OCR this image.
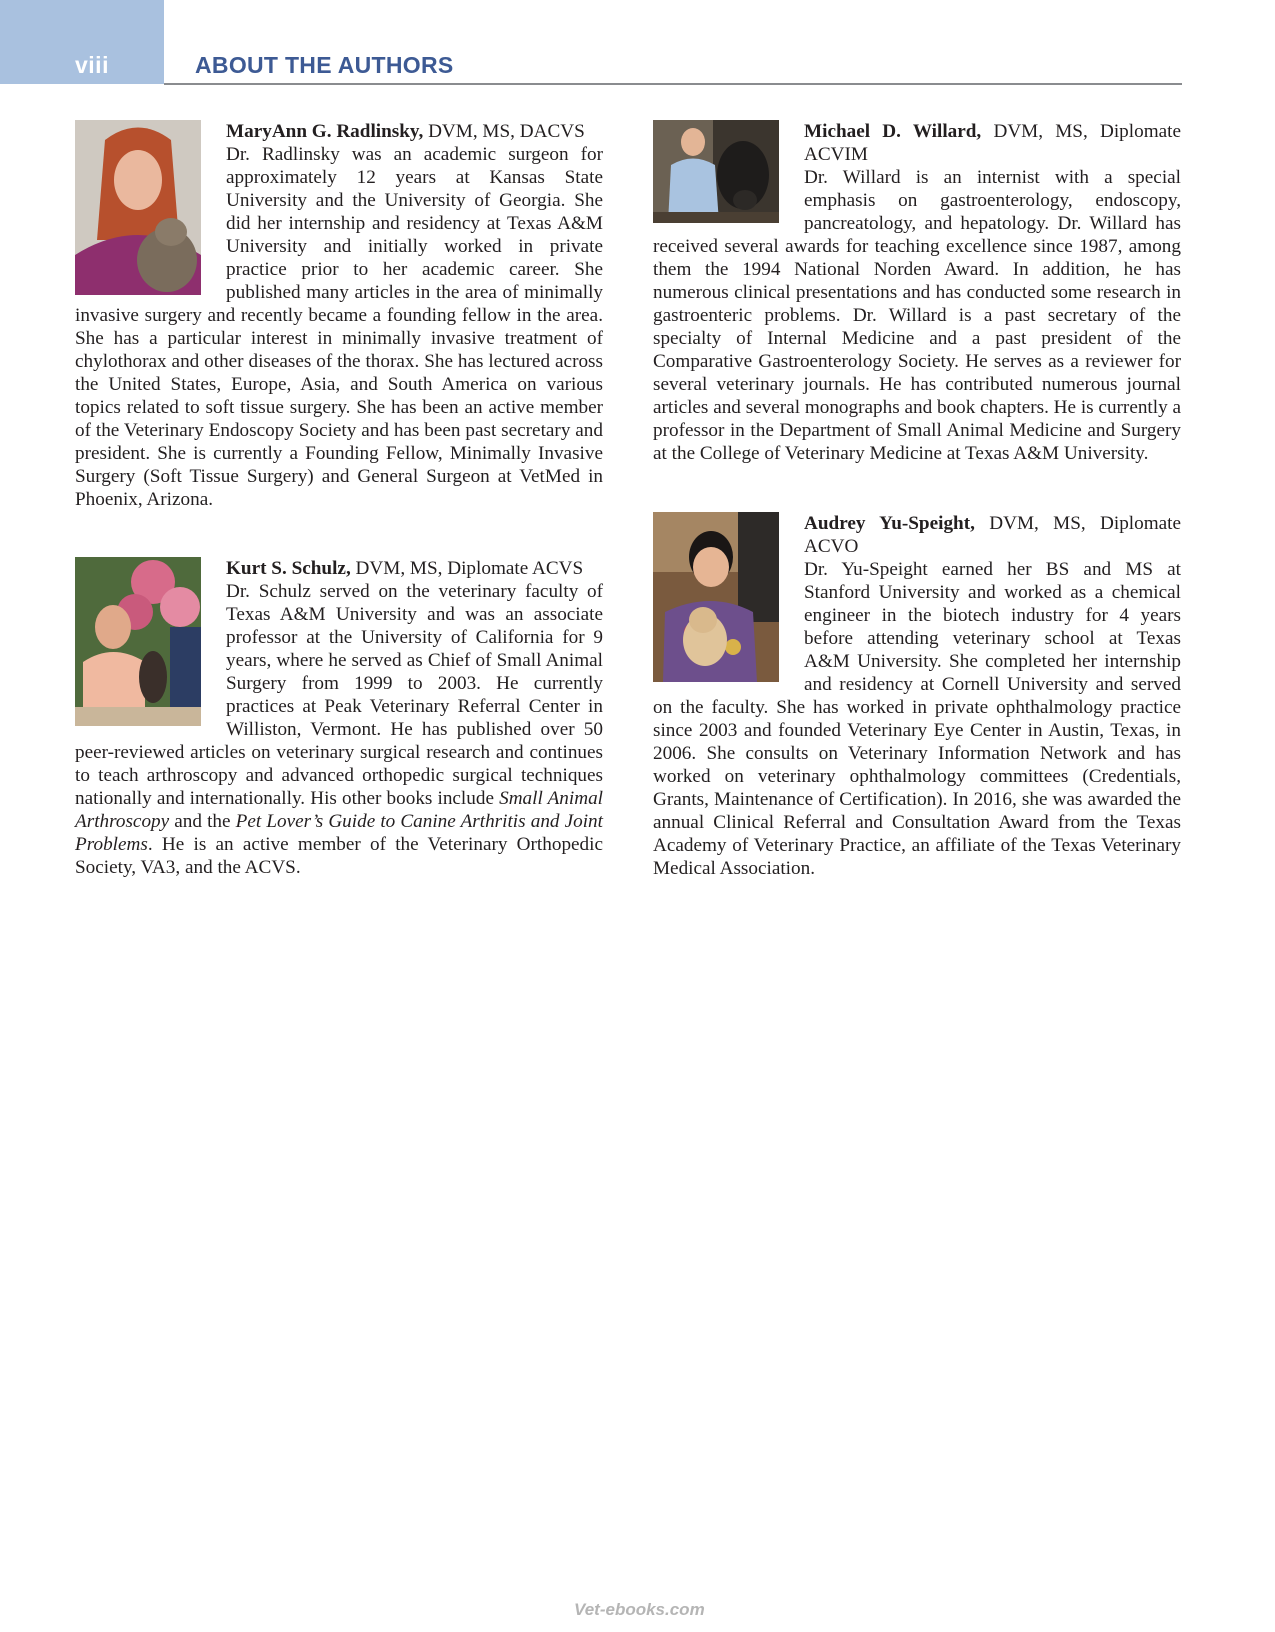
viii	ABOUT THE AUTHORS

MaryAnn G. Radlinsky, DVM, MS, DACVS

Dr. Radlinsky was an academic surgeon for approximately 12 years at Kansas State University and the University of Georgia. She did her internship and residency at Texas A&M University and initially worked in private practice prior to her academic career. She published many articles in the area of minimally invasive surgery and recently became a founding fellow in the area. She has a particular interest in minimally invasive treatment of chylothorax and other diseases of the thorax. She has lectured across the United States, Europe, Asia, and South America on various topics related to soft tissue surgery. She has been an active member of the Veterinary Endoscopy Society and has been past secretary and president. She is currently a Founding Fellow, Minimally Invasive Surgery (Soft Tissue Surgery) and General Surgeon at VetMed in Phoenix, Arizona.

Kurt S. Schulz, DVM, MS, Diplomate ACVS

Dr. Schulz served on the veterinary faculty of Texas A&M University and was an associate professor at the University of California for 9 years, where he served as Chief of Small Animal Surgery from 1999 to 2003. He currently practices at Peak Veterinary Referral Center in Williston, Vermont. He has published over 50 peer-reviewed articles on veterinary surgical research and continues to teach arthroscopy and advanced orthopedic surgical techniques nationally and internationally. His other books include Small Animal Arthroscopy and the Pet Lover’s Guide to Canine Arthritis and Joint Problems. He is an active member of the Veterinary Orthopedic Society, VA3, and the ACVS.

Michael D. Willard, DVM, MS, Diplomate ACVIM

Dr. Willard is an internist with a special emphasis on gastroenterology, endoscopy, pancreatology, and hepatology. Dr. Willard has received several awards for teaching excellence since 1987, among them the 1994 National Norden Award. In addition, he has numerous clinical presentations and has conducted some research in gastroenteric problems. Dr. Willard is a past secretary of the specialty of Internal Medicine and a past president of the Comparative Gastroenterology Society. He serves as a reviewer for several veterinary journals. He has contributed numerous journal articles and several monographs and book chapters. He is currently a professor in the Department of Small Animal Medicine and Surgery at the College of Veterinary Medicine at Texas A&M University.

Audrey Yu-Speight, DVM, MS, Diplomate ACVO

Dr. Yu-Speight earned her BS and MS at Stanford University and worked as a chemical engineer in the biotech industry for 4 years before attending veterinary school at Texas A&M University. She completed her internship and residency at Cornell University and served on the faculty. She has worked in private ophthalmology practice since 2003 and founded Veterinary Eye Center in Austin, Texas, in 2006. She consults on Veterinary Information Network and has worked on veterinary ophthalmology committees (Credentials, Grants, Maintenance of Certification). In 2016, she was awarded the annual Clinical Referral and Consultation Award from the Texas Academy of Veterinary Practice, an affiliate of the Texas Veterinary Medical Association.

Vet-ebooks.com
